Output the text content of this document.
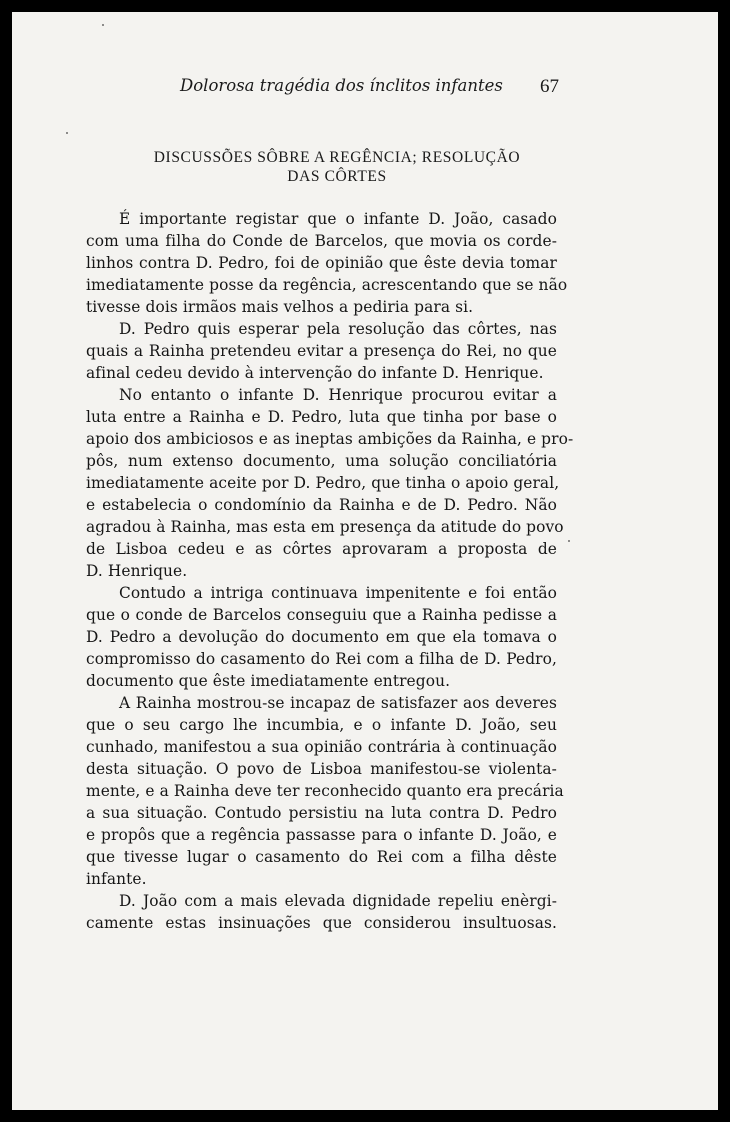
Dolorosa tragédia dos ínclitos infantes 67
DISCUSSÕES SÔBRE A REGÊNCIA; RESOLUÇÃO
DAS CÔRTES
É importante registar que o infante D. João, casado
com uma filha do Conde de Barcelos, que movia os corde-
linhos contra D. Pedro, foi de opinião que êste devia tomar
imediatamente posse da regência, acrescentando que se não
tivesse dois irmãos mais velhos a pediria para si.
D. Pedro quis esperar pela resolução das côrtes, nas
quais a Rainha pretendeu evitar a presença do Rei, no que
afinal cedeu devido à intervenção do infante D. Henrique.
No entanto o infante D. Henrique procurou evitar a
luta entre a Rainha e D. Pedro, luta que tinha por base o
apoio dos ambiciosos e as ineptas ambições da Rainha, e pro-
pôs, num extenso documento, uma solução conciliatória
imediatamente aceite por D. Pedro, que tinha o apoio geral,
e estabelecia o condomínio da Rainha e de D. Pedro. Não
agradou à Rainha, mas esta em presença da atitude do povo
de Lisboa cedeu e as côrtes aprovaram a proposta de
D. Henrique.
Contudo a intriga continuava impenitente e foi então
que o conde de Barcelos conseguiu que a Rainha pedisse a
D. Pedro a devolução do documento em que ela tomava o
compromisso do casamento do Rei com a filha de D. Pedro,
documento que êste imediatamente entregou.
A Rainha mostrou-se incapaz de satisfazer aos deveres
que o seu cargo lhe incumbia, e o infante D. João, seu
cunhado, manifestou a sua opinião contrária à continuação
desta situação. O povo de Lisboa manifestou-se violenta-
mente, e a Rainha deve ter reconhecido quanto era precária
a sua situação. Contudo persistiu na luta contra D. Pedro
e propôs que a regência passasse para o infante D. João, e
que tivesse lugar o casamento do Rei com a filha dêste
infante.
D. João com a mais elevada dignidade repeliu enèrgi-
camente estas insinuações que considerou insultuosas.
